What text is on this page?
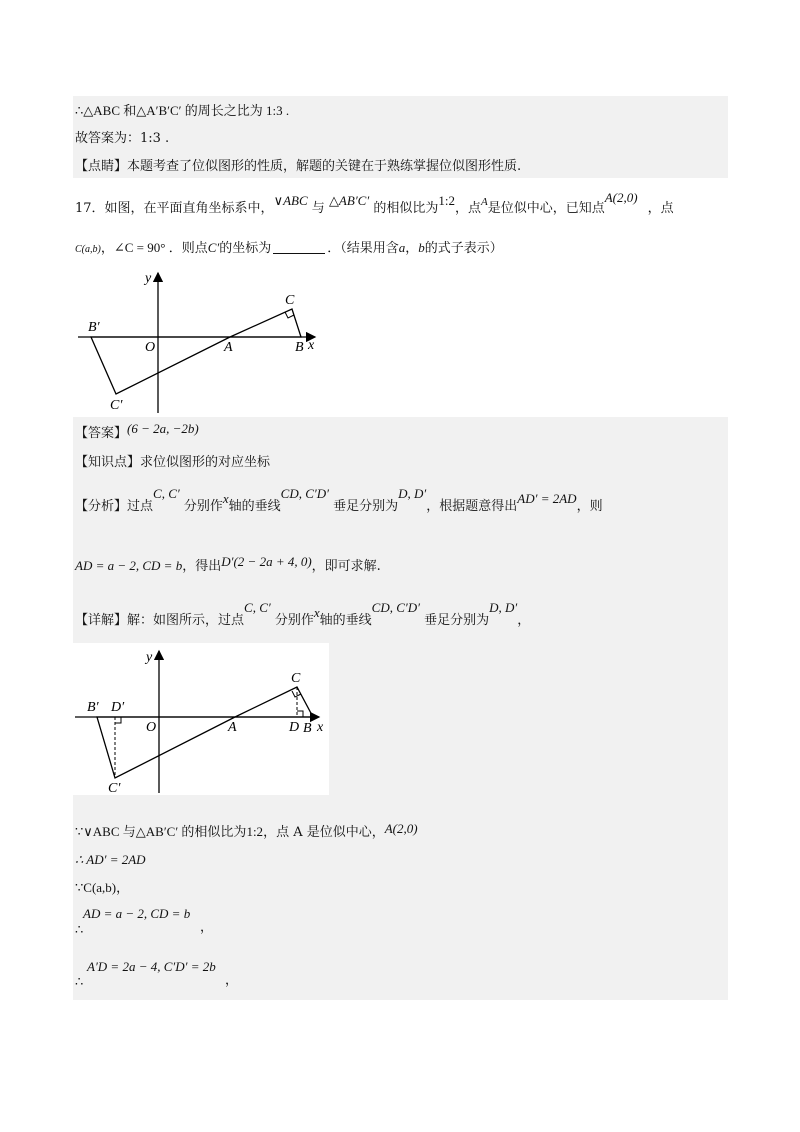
∴△ABC 和△A′B′C′ 的周长之比为 1:3 .
故答案为：1:3 .
【点睛】本题考查了位似图形的性质，解题的关键在于熟练掌握位似图形性质.
17．如图，在平面直角坐标系中，∨ABC 与 △AB′C′ 的相似比为1:2，点$^A$是位似中心，已知点A(2,0)，点
C(a,b)，∠C = 90° ．则点C′的坐标为	．（结果用含a，b的式子表示）
y
x
O	A	B
C
B′
C′
【答案】(6 − 2a, −2b)
【知识点】求位似图形的对应坐标
【分析】过点C, C′ 分别作x轴的垂线CD, C′D′ 垂足分别为D, D′，根据题意得出AD′ = 2AD，则
AD = a − 2, CD = b，得出D′(2 − 2a + 4, 0)，即可求解.
【详解】解：如图所示，过点C, C′ 分别作x轴的垂线CD, C′D′ 垂足分别为D, D′，
y
x
O	A	D B
C
B′ D′
C′
∵∨ABC 与△AB′C′ 的相似比为1:2，点 A 是位似中心，A(2,0)
∴ AD′ = 2AD
∵C(a,b)，
AD = a − 2, CD = b
∴	，
A′D = 2a − 4, C′D′ = 2b
∴	，
